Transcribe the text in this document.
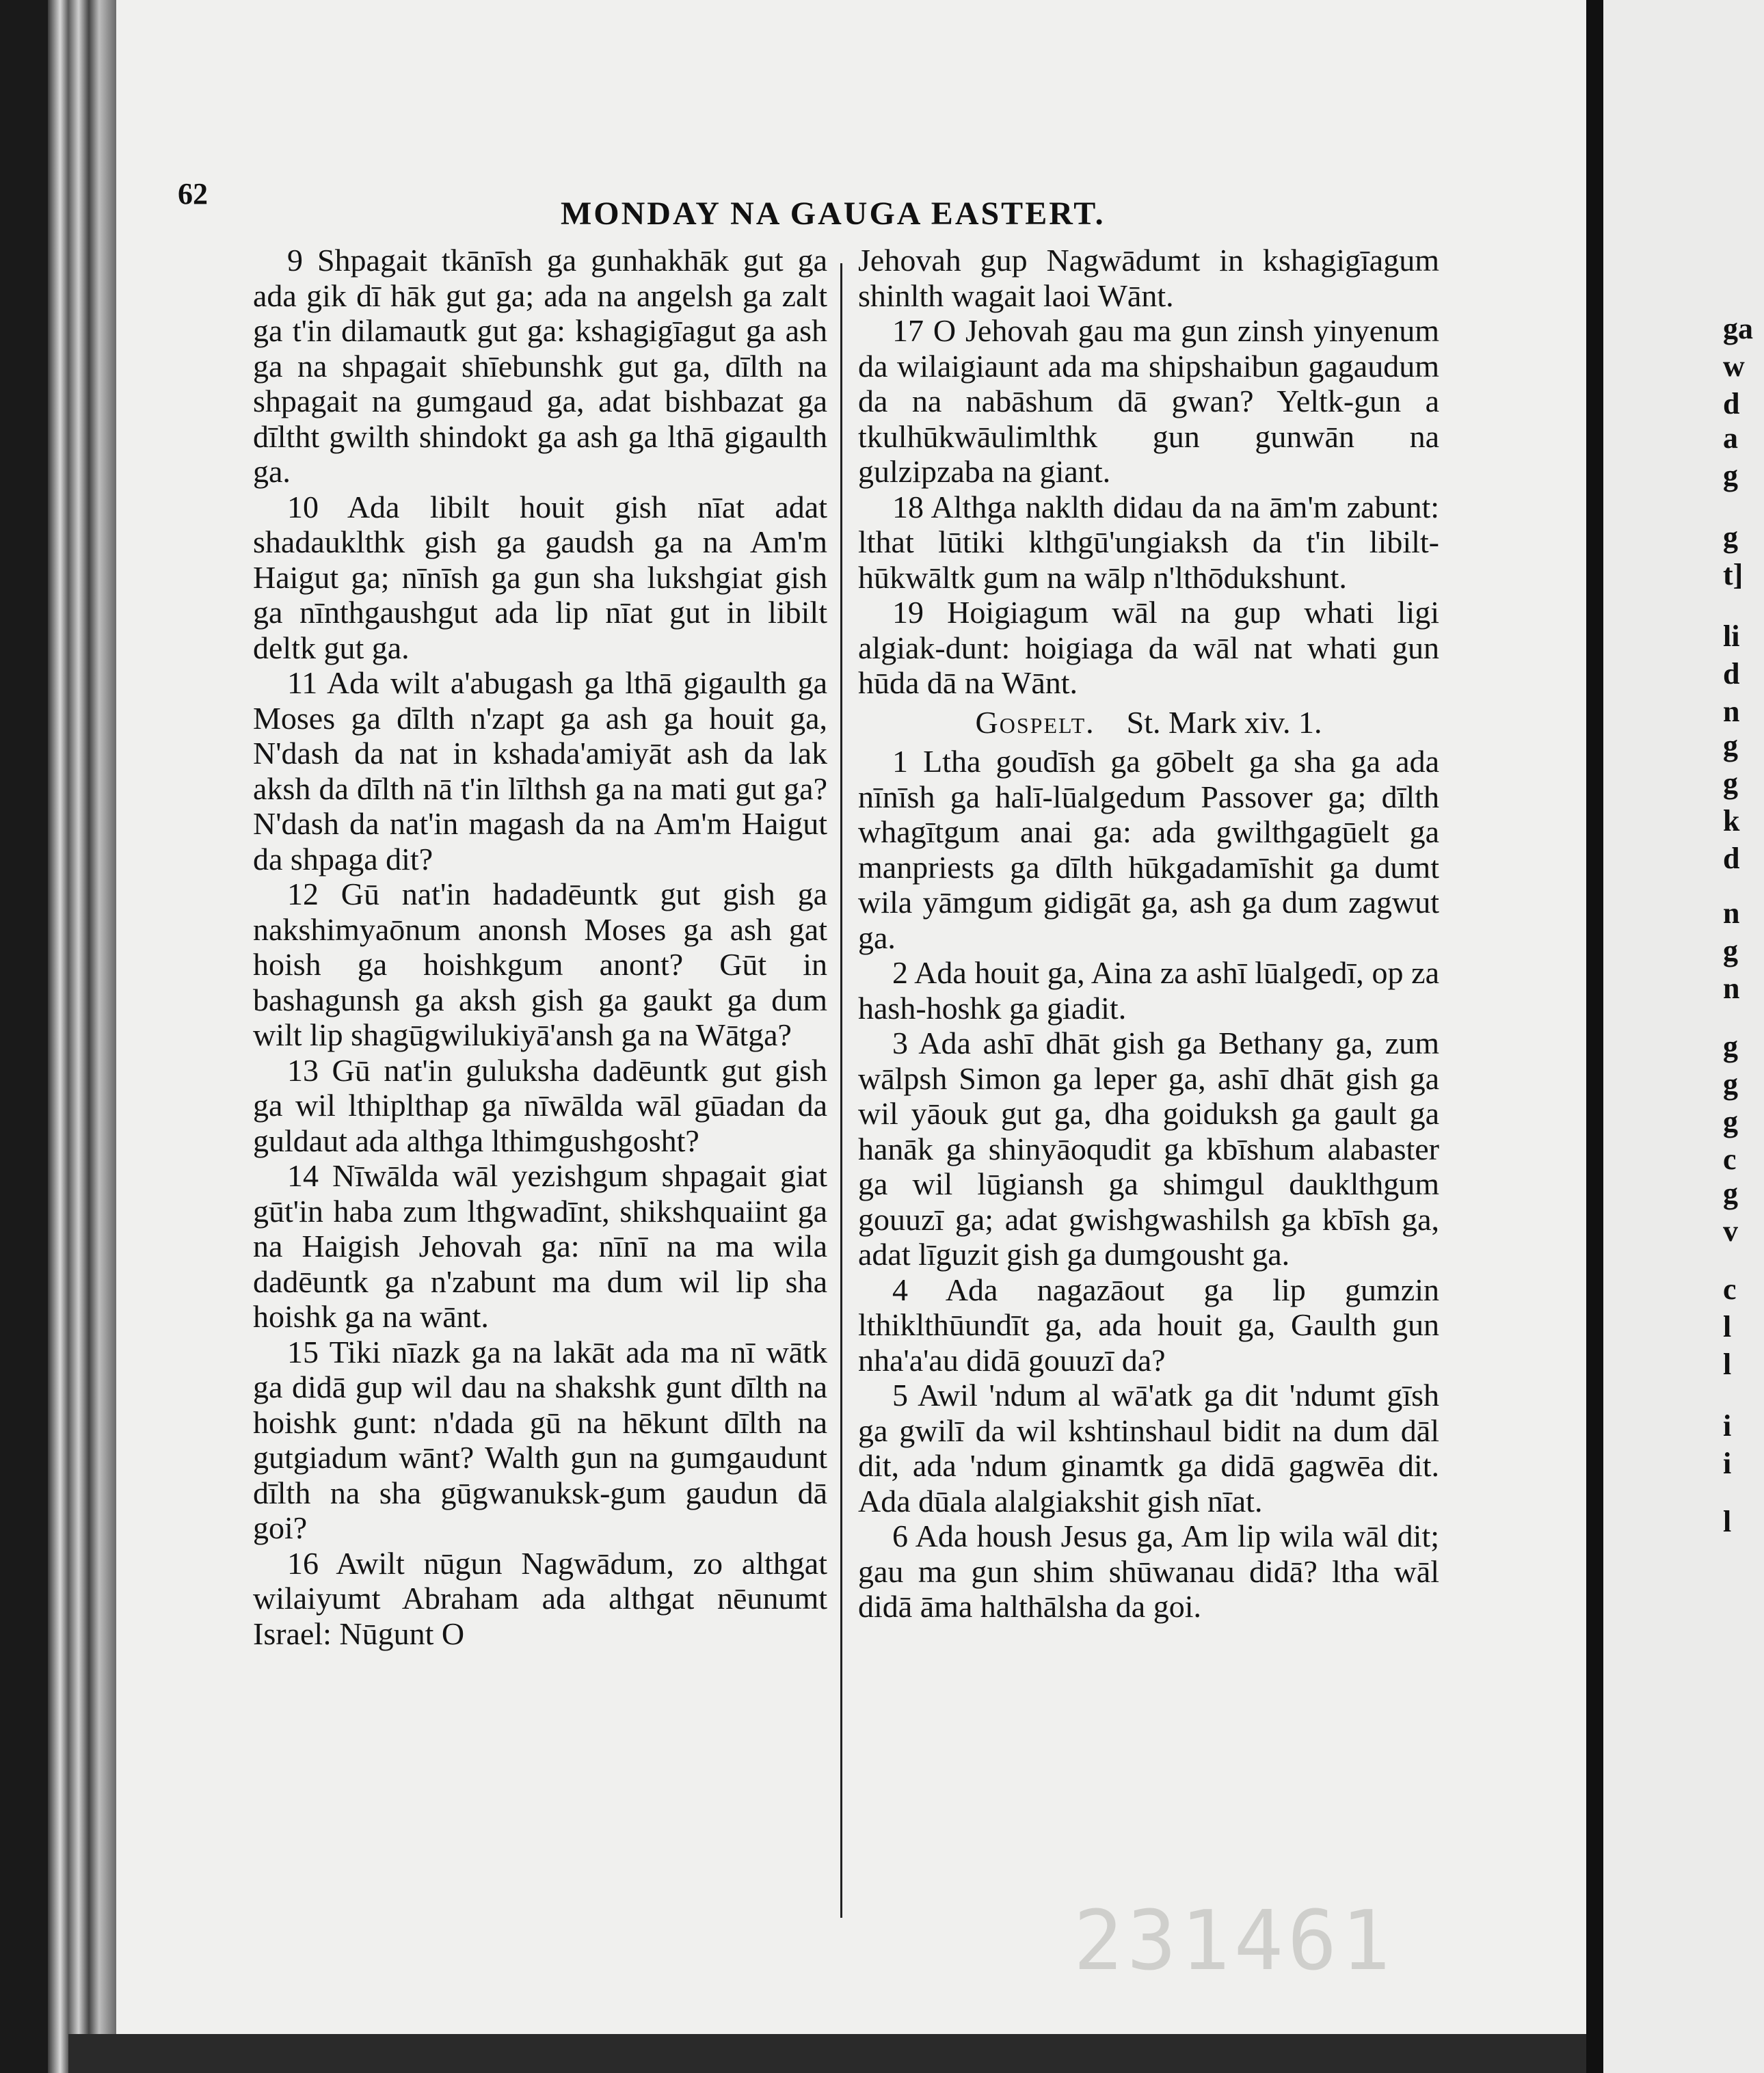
62
MONDAY NA GAUGA EASTERT.

9 Shpagait tkānīsh ga gunhakhāk gut ga ada gik dī hāk gut ga; ada na angelsh ga zalt ga t'in dilamautk gut ga: kshagigīagut ga ash ga na shpagait shīebunshk gut ga, dīlth na shpagait na gumgaud ga, adat bishbazat ga dīltht gwilth shindokt ga ash ga lthā gigaulth ga.

10 Ada libilt houit gish nīat adat shadauklthk gish ga gaudsh ga na Am'm Haigut ga; nīnīsh ga gun sha lukshgiat gish ga nīnthgaushgut ada lip nīat gut in libilt deltk gut ga.

11 Ada wilt a'abugash ga lthā gigaulth ga Moses ga dīlth n'zapt ga ash ga houit ga, N'dash da nat in kshada'amiyāt ash da lak aksh da dīlth nā t'in līlthsh ga na mati gut ga? N'dash da nat'in magash da na Am'm Haigut da shpaga dit?

12 Gū nat'in hadadēuntk gut gish ga nakshimyaōnum anonsh Moses ga ash gat hoish ga hoishkgum anont? Gūt in bashagunsh ga aksh gish ga gaukt ga dum wilt lip shagūgwilukiyā'ansh ga na Wātga?

13 Gū nat'in guluksha dadēuntk gut gish ga wil lthiplthap ga nīwālda wāl gūadan da guldaut ada althga lthimgushgosht?

14 Nīwālda wāl yezishgum shpagait giat gūt'in haba zum lthgwadīnt, shikshquaiint ga na Haigish Jehovah ga: nīnī na ma wila dadēuntk ga n'zabunt ma dum wil lip sha hoishk ga na wānt.

15 Tiki nīazk ga na lakāt ada ma nī wātk ga didā gup wil dau na shakshk gunt dīlth na hoishk gunt: n'dada gū na hēkunt dīlth na gutgiadum wānt? Walth gun na gumgaudunt dīlth na sha gūgwanuksk-gum gaudun dā goi?

16 Awilt nūgun Nagwādum, zo althgat wilaiyumt Abraham ada althgat nēunumt Israel: Nūgunt O

Jehovah gup Nagwādumt in kshagigīagum shinlth wagait laoi Wānt.

17 O Jehovah gau ma gun zinsh yinyenum da wilaigiaunt ada ma shipshaibun gagaudum da na nabāshum dā gwan? Yeltk-gun a tkulhūkwāulimlthk gun gunwān na gulzipzaba na giant.

18 Althga naklth didau da na ām'm zabunt: lthat lūtiki klthgū'ungiaksh da t'in libilt-hūkwāltk gum na wālp n'lthōdukshunt.

19 Hoigiagum wāl na gup whati ligi algiak-dunt: hoigiaga da wāl nat whati gun hūda dā na Wānt.

Gospelt.  St. Mark xiv. 1.

1 Ltha goudīsh ga gōbelt ga sha ga ada nīnīsh ga halī-lūalgedum Passover ga; dīlth whagītgum anai ga: ada gwilthgagūelt ga manpriests ga dīlth hūkgadamīshit ga dumt wila yāmgum gidigāt ga, ash ga dum zagwut ga.

2 Ada houit ga, Aina za ashī lūalgedī, op za hash-hoshk ga giadit.

3 Ada ashī dhāt gish ga Bethany ga, zum wālpsh Simon ga leper ga, ashī dhāt gish ga wil yāouk gut ga, dha goiduksh ga gault ga hanāk ga shinyāoqudit ga kbīshum alabaster ga wil lūgiansh ga shimgul dauklthgum gouuzī ga; adat gwishgwashilsh ga kbīsh ga, adat līguzit gish ga dumgousht ga.

4 Ada nagazāout ga lip gumzin lthiklthūundīt ga, ada houit ga, Gaulth gun nha'a'au didā gouuzī da?

5 Awil 'ndum al wā'atk ga dit 'ndumt gīsh ga gwilī da wil kshtinshaul bidit na dum dāl dit, ada 'ndum ginamtk ga didā gagwēa dit. Ada dūala alalgiakshit gish nīat.

6 Ada housh Jesus ga, Am lip wila wāl dit; gau ma gun shim shūwanau didā? ltha wāl didā āma halthālsha da goi.

231461
ga
w
d
a
g
g
t]
li
d
n
g
g
k
d
n
g
n
g
g
g
c
g
v
c
l
l
i
i
l
